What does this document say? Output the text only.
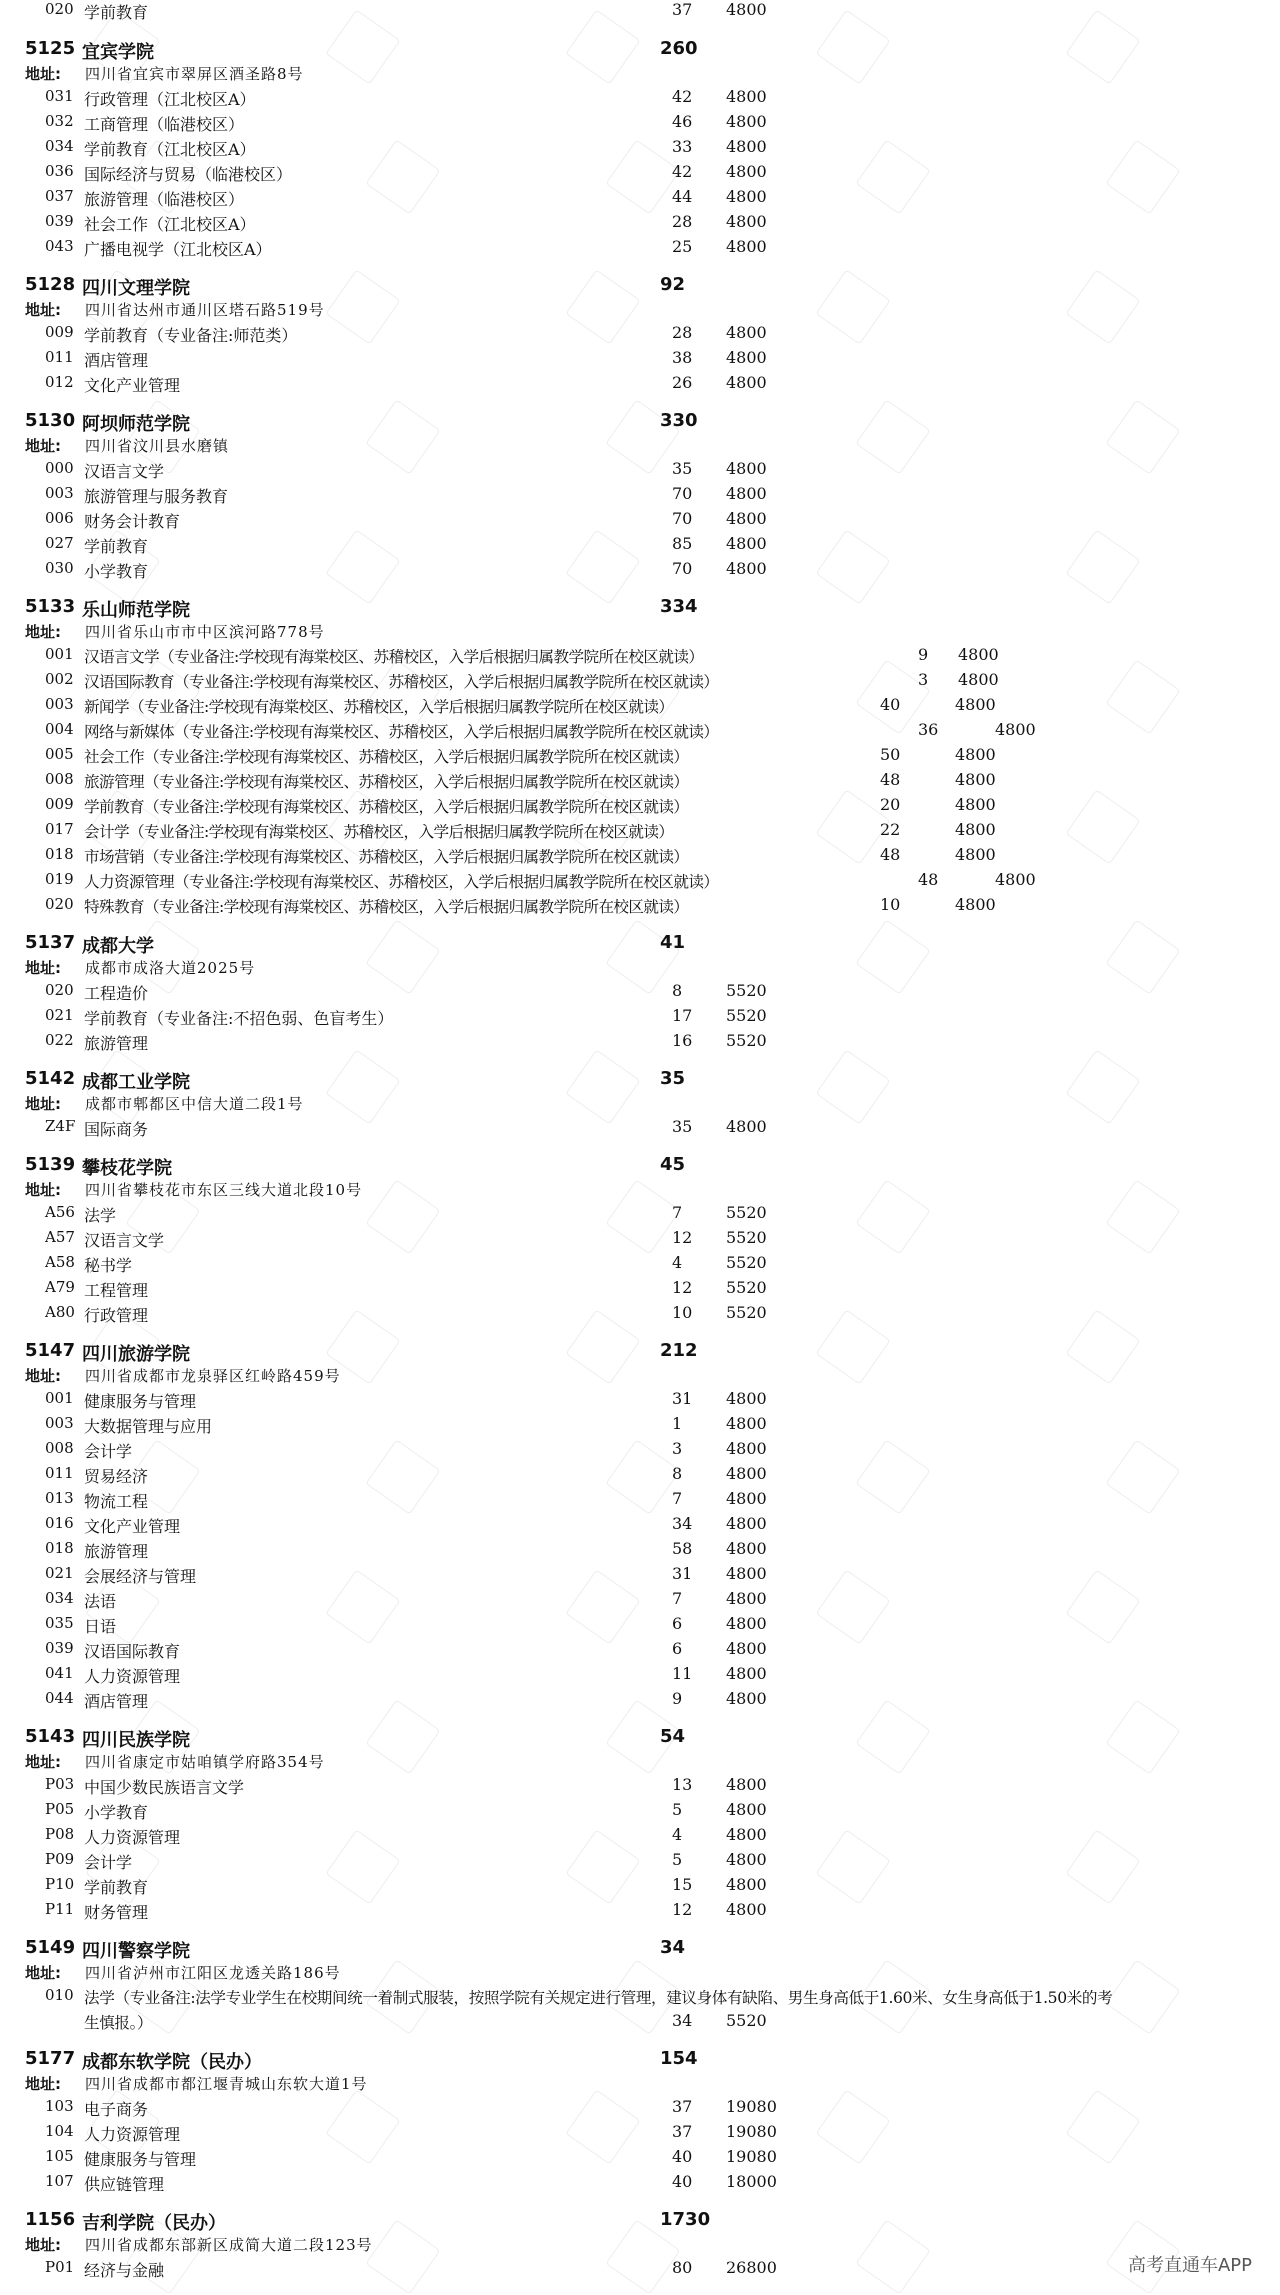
020 学前教育	37 4800
5125 宜宾学院	260
地址: 四川省宜宾市翠屏区酒圣路8号
031 行政管理（江北校区A）	42 4800
032 工商管理（临港校区）	46 4800
034 学前教育（江北校区A）	33 4800
036 国际经济与贸易（临港校区）	42 4800
037 旅游管理（临港校区）	44 4800
039 社会工作（江北校区A）	28 4800
043 广播电视学（江北校区A）	25 4800
5128 四川文理学院	92
地址: 四川省达州市通川区塔石路519号
009 学前教育（专业备注:师范类）	28 4800
011 酒店管理	38 4800
012 文化产业管理	26 4800
5130 阿坝师范学院	330
地址: 四川省汶川县水磨镇
000 汉语言文学	35 4800
003 旅游管理与服务教育	70 4800
006 财务会计教育	70 4800
027 学前教育	85 4800
030 小学教育	70 4800
5133 乐山师范学院	334
地址: 四川省乐山市市中区滨河路778号
001 汉语言文学（专业备注:学校现有海棠校区、苏稽校区，入学后根据归属教学院所在校区就读）	9 4800
002 汉语国际教育（专业备注:学校现有海棠校区、苏稽校区，入学后根据归属教学院所在校区就读）	3 4800
003 新闻学（专业备注:学校现有海棠校区、苏稽校区，入学后根据归属教学院所在校区就读）	40	4800
004 网络与新媒体（专业备注:学校现有海棠校区、苏稽校区，入学后根据归属教学院所在校区就读）	36	4800
005 社会工作（专业备注:学校现有海棠校区、苏稽校区，入学后根据归属教学院所在校区就读）	50	4800
008 旅游管理（专业备注:学校现有海棠校区、苏稽校区，入学后根据归属教学院所在校区就读）	48	4800
009 学前教育（专业备注:学校现有海棠校区、苏稽校区，入学后根据归属教学院所在校区就读）	20	4800
017 会计学（专业备注:学校现有海棠校区、苏稽校区，入学后根据归属教学院所在校区就读）	22	4800
018 市场营销（专业备注:学校现有海棠校区、苏稽校区，入学后根据归属教学院所在校区就读）	48	4800
019 人力资源管理（专业备注:学校现有海棠校区、苏稽校区，入学后根据归属教学院所在校区就读）	48	4800
020 特殊教育（专业备注:学校现有海棠校区、苏稽校区，入学后根据归属教学院所在校区就读）	10	4800
5137 成都大学	41
地址: 成都市成洛大道2025号
020 工程造价	8	5520
021 学前教育（专业备注:不招色弱、色盲考生）	17 5520
022 旅游管理	16 5520
5142 成都工业学院	35
地址: 成都市郫都区中信大道二段1号
Z4F 国际商务	35 4800
5139 攀枝花学院	45
地址: 四川省攀枝花市东区三线大道北段10号
A56 法学	7	5520
A57 汉语言文学	12 5520
A58 秘书学	4	5520
A79 工程管理	12 5520
A80 行政管理	10 5520
5147 四川旅游学院	212
地址: 四川省成都市龙泉驿区红岭路459号
001 健康服务与管理	31 4800
003 大数据管理与应用	1	4800
008 会计学	3	4800
011 贸易经济	8	4800
013 物流工程	7	4800
016 文化产业管理	34 4800
018 旅游管理	58 4800
021 会展经济与管理	31 4800
034 法语	7	4800
035 日语	6	4800
039 汉语国际教育	6	4800
041 人力资源管理	11 4800
044 酒店管理	9	4800
5143 四川民族学院	54
地址: 四川省康定市姑咱镇学府路354号
P03 中国少数民族语言文学	13 4800
P05 小学教育	5	4800
P08 人力资源管理	4	4800
P09 会计学	5	4800
P10 学前教育	15 4800
P11 财务管理	12 4800
5149 四川警察学院	34
地址: 四川省泸州市江阳区龙透关路186号
010 法学（专业备注:法学专业学生在校期间统一着制式服装，按照学院有关规定进行管理，建议身体有缺陷、男生身高低于1.60米、女生身高低于1.50米的考生慎报。）	34 5520
5177 成都东软学院（民办）	154
地址: 四川省成都市都江堰青城山东软大道1号
103 电子商务	37 19080
104 人力资源管理	37 19080
105 健康服务与管理	40 19080
107 供应链管理	40 18000
1156 吉利学院（民办）	1730
地址: 四川省成都东部新区成简大道二段123号
P01 经济与金融	80 26800	高考直通车APP
